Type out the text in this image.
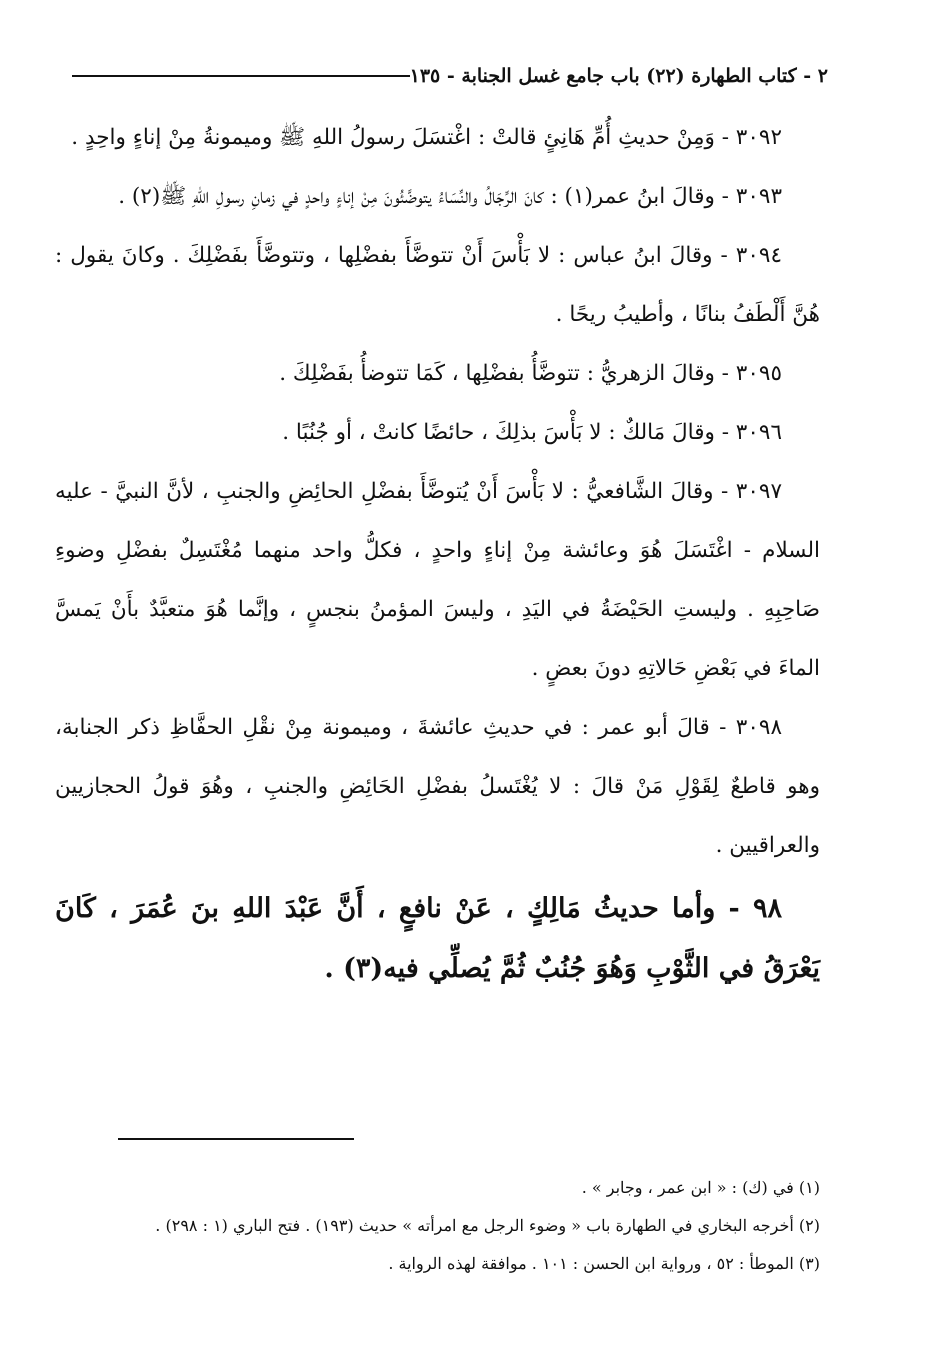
٢ - كتاب الطهارة (٢٢) باب جامع غسل الجنابة - ١٣٥

٣٠٩٢ - وَمِنْ حديثِ أُمِّ هَانِئٍ قالتْ : اغْتسَلَ رسولُ اللهِ ﷺ وميمونةُ مِنْ إناءٍ واحِدٍ .

٣٠٩٣ - وقالَ ابنُ عمر(١) : كانَ الرِّجَالُ والنِّسَاءُ يتوضَّئُونَ مِنْ إناءٍ واحدٍ في زمانِ رسولِ اللهِ ﷺ(٢) .

٣٠٩٤ - وقالَ ابنُ عباس : لا بَأْسَ أَنْ تتوضَّأَ بفضْلِها ، وتتوضَّأَ بفَضْلِكَ . وكانَ يقول : هُنَّ أَلْطَفُ بنانًا ، وأطيبُ ريحًا .

٣٠٩٥ - وقالَ الزهريُّ : تتوضَّأُ بفضْلِها ، كَمَا تتوضأُ بفَضْلِكَ .

٣٠٩٦ - وقالَ مَالكٌ : لا بَأْسَ بذلِكَ ، حائضًا كانتْ ، أو جُنُبًا .

٣٠٩٧ - وقالَ الشَّافعيُّ : لا بَأْسَ أَنْ يُتوضَّأَ بفضْلِ الحائِضِ والجنبِ ، لأنَّ النبيَّ - عليه السلام - اغْتَسَلَ هُوَ وعائشة مِنْ إناءٍ واحدٍ ، فكلُّ واحد منهما مُغْتَسِلٌ بفضْلِ وضوءِ صَاحِبِهِ . وليستِ الحَيْضَةُ في اليَدِ ، وليسَ المؤمنُ بنجسٍ ، وإنَّما هُوَ متعبَّدٌ بأَنْ يَمسَّ الماءَ في بَعْضِ حَالاتِهِ دونَ بعضٍ .

٣٠٩٨ - قالَ أبو عمر : في حديثِ عائشةَ ، وميمونة مِنْ نقْلِ الحفَّاظِ ذكر الجنابة، وهو قاطعٌ لِقَوْلِ مَنْ قالَ : لا يُغْتَسلُ بفضْلِ الحَائِضِ والجنبِ ، وهُوَ قولُ الحجازيين والعراقيين .

٩٨ - وأما حديثُ مَالِكٍ ، عَنْ نافعٍ ، أَنَّ عَبْدَ اللهِ بنَ عُمَرَ ، كَانَ يَعْرَقُ في الثَّوْبِ وَهُوَ جُنُبٌ ثُمَّ يُصلِّي فيه(٣) .

(١) في (ك) : « ابن عمر ، وجابر » .

(٢) أخرجه البخاري في الطهارة باب « وضوء الرجل مع امرأته » حديث (١٩٣) . فتح الباري (١ : ٢٩٨) .

(٣) الموطأ : ٥٢ ، ورواية ابن الحسن : ١٠١ . موافقة لهذه الرواية .
